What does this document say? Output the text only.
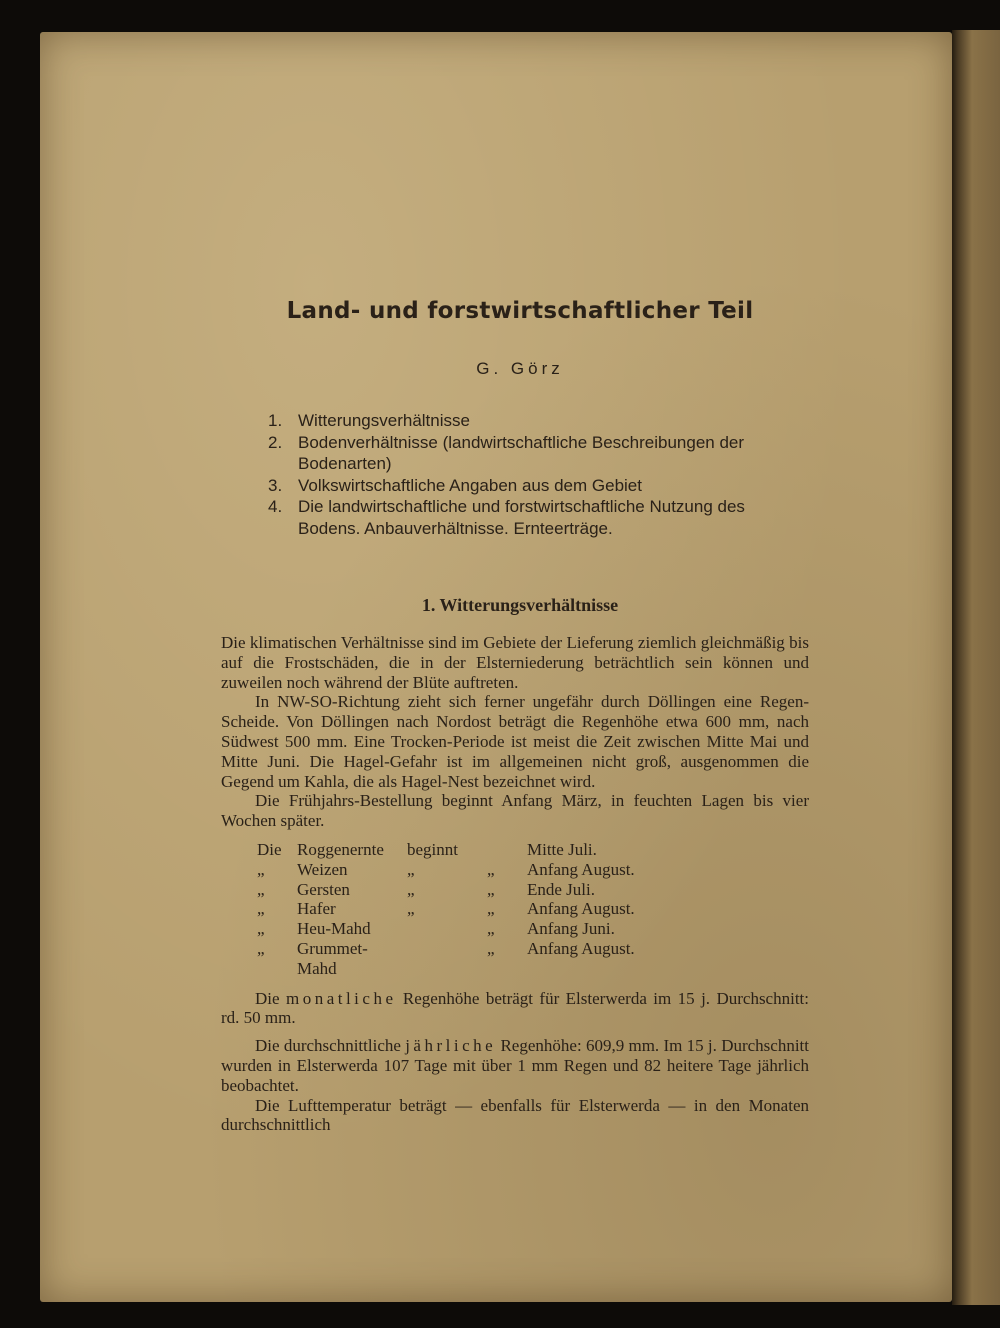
Land- und forstwirtschaftlicher Teil
G. Görz
1. Witterungsverhältnisse
2. Bodenverhältnisse (landwirtschaftliche Beschreibungen der Bodenarten)
3. Volkswirtschaftliche Angaben aus dem Gebiet
4. Die landwirtschaftliche und forstwirtschaftliche Nutzung des Bodens. Anbauverhältnisse. Ernteerträge.
1. Witterungsverhältnisse

Die klimatischen Verhältnisse sind im Gebiete der Lieferung ziemlich gleichmäßig bis auf die Frostschäden, die in der Elsterniederung beträchtlich sein können und zuweilen noch während der Blüte auftreten.

In NW-SO-Richtung zieht sich ferner ungefähr durch Döllingen eine Regen-Scheide. Von Döllingen nach Nordost beträgt die Regenhöhe etwa 600 mm, nach Südwest 500 mm. Eine Trocken-Periode ist meist die Zeit zwischen Mitte Mai und Mitte Juni. Die Hagel-Gefahr ist im allgemeinen nicht groß, ausgenommen die Gegend um Kahla, die als Hagel-Nest bezeichnet wird.

Die Frühjahrs-Bestellung beginnt Anfang März, in feuchten Lagen bis vier Wochen später.

Die	Roggenernte	beginnt		Mitte Juli.
„	Weizen	„	„	Anfang August.
„	Gersten	„	„	Ende Juli.
„	Hafer	„	„	Anfang August.
„	Heu-Mahd		„	Anfang Juni.
„	Grummet-Mahd		„	Anfang August.

Die monatliche Regenhöhe beträgt für Elsterwerda im 15 j. Durchschnitt: rd. 50 mm.

Die durchschnittliche jährliche Regenhöhe: 609,9 mm. Im 15 j. Durchschnitt wurden in Elsterwerda 107 Tage mit über 1 mm Regen und 82 heitere Tage jährlich beobachtet.

Die Lufttemperatur beträgt — ebenfalls für Elsterwerda — in den Monaten durchschnittlich
